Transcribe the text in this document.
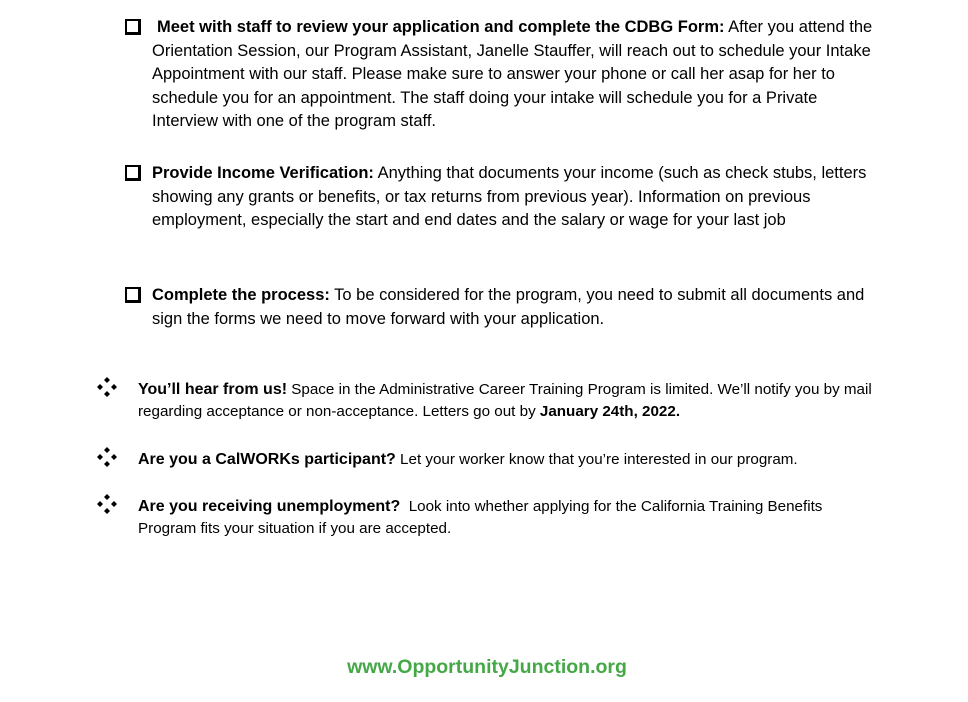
Meet with staff to review your application and complete the CDBG Form: After you attend the Orientation Session, our Program Assistant, Janelle Stauffer, will reach out to schedule your Intake Appointment with our staff. Please make sure to answer your phone or call her asap for her to schedule you for an appointment. The staff doing your intake will schedule you for a Private Interview with one of the program staff.
Provide Income Verification: Anything that documents your income (such as check stubs, letters showing any grants or benefits, or tax returns from previous year). Information on previous employment, especially the start and end dates and the salary or wage for your last job
Complete the process: To be considered for the program, you need to submit all documents and sign the forms we need to move forward with your application.
You’ll hear from us! Space in the Administrative Career Training Program is limited. We’ll notify you by mail regarding acceptance or non-acceptance. Letters go out by January 24th, 2022.
Are you a CalWORKs participant? Let your worker know that you’re interested in our program.
Are you receiving unemployment?  Look into whether applying for the California Training Benefits Program fits your situation if you are accepted.
www.OpportunityJunction.org
